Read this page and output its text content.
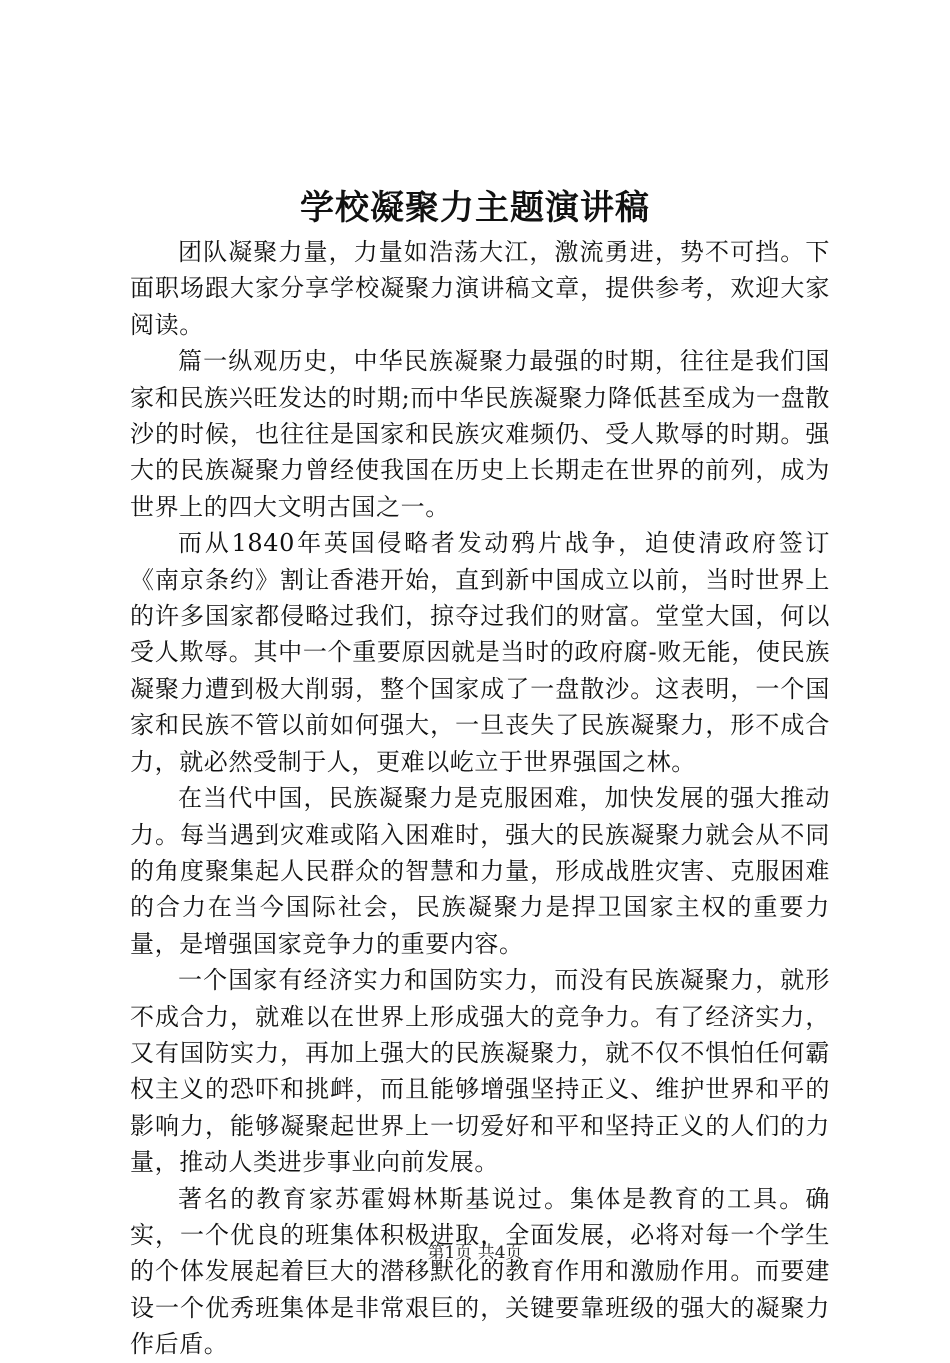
学校凝聚力主题演讲稿

团队凝聚力量，力量如浩荡大江，激流勇进，势不可挡。下面职场跟大家分享学校凝聚力演讲稿文章，提供参考，欢迎大家阅读。

篇一纵观历史，中华民族凝聚力最强的时期，往往是我们国家和民族兴旺发达的时期;而中华民族凝聚力降低甚至成为一盘散沙的时候，也往往是国家和民族灾难频仍、受人欺辱的时期。强大的民族凝聚力曾经使我国在历史上长期走在世界的前列，成为世界上的四大文明古国之一。

而从1840年英国侵略者发动鸦片战争，迫使清政府签订《南京条约》割让香港开始，直到新中国成立以前，当时世界上的许多国家都侵略过我们，掠夺过我们的财富。堂堂大国，何以受人欺辱。其中一个重要原因就是当时的政府腐-败无能，使民族凝聚力遭到极大削弱，整个国家成了一盘散沙。这表明，一个国家和民族不管以前如何强大，一旦丧失了民族凝聚力，形不成合力，就必然受制于人，更难以屹立于世界强国之林。

在当代中国，民族凝聚力是克服困难，加快发展的强大推动力。每当遇到灾难或陷入困难时，强大的民族凝聚力就会从不同的角度聚集起人民群众的智慧和力量，形成战胜灾害、克服困难的合力在当今国际社会，民族凝聚力是捍卫国家主权的重要力量，是增强国家竞争力的重要内容。

一个国家有经济实力和国防实力，而没有民族凝聚力，就形不成合力，就难以在世界上形成强大的竞争力。有了经济实力，又有国防实力，再加上强大的民族凝聚力，就不仅不惧怕任何霸权主义的恐吓和挑衅，而且能够增强坚持正义、维护世界和平的影响力，能够凝聚起世界上一切爱好和平和坚持正义的人们的力量，推动人类进步事业向前发展。

著名的教育家苏霍姆林斯基说过。集体是教育的工具。确实，一个优良的班集体积极进取，全面发展，必将对每一个学生的个体发展起着巨大的潜移默化的教育作用和激励作用。而要建设一个优秀班集体是非常艰巨的，关键要靠班级的强大的凝聚力作后盾。

第1页 共4页
